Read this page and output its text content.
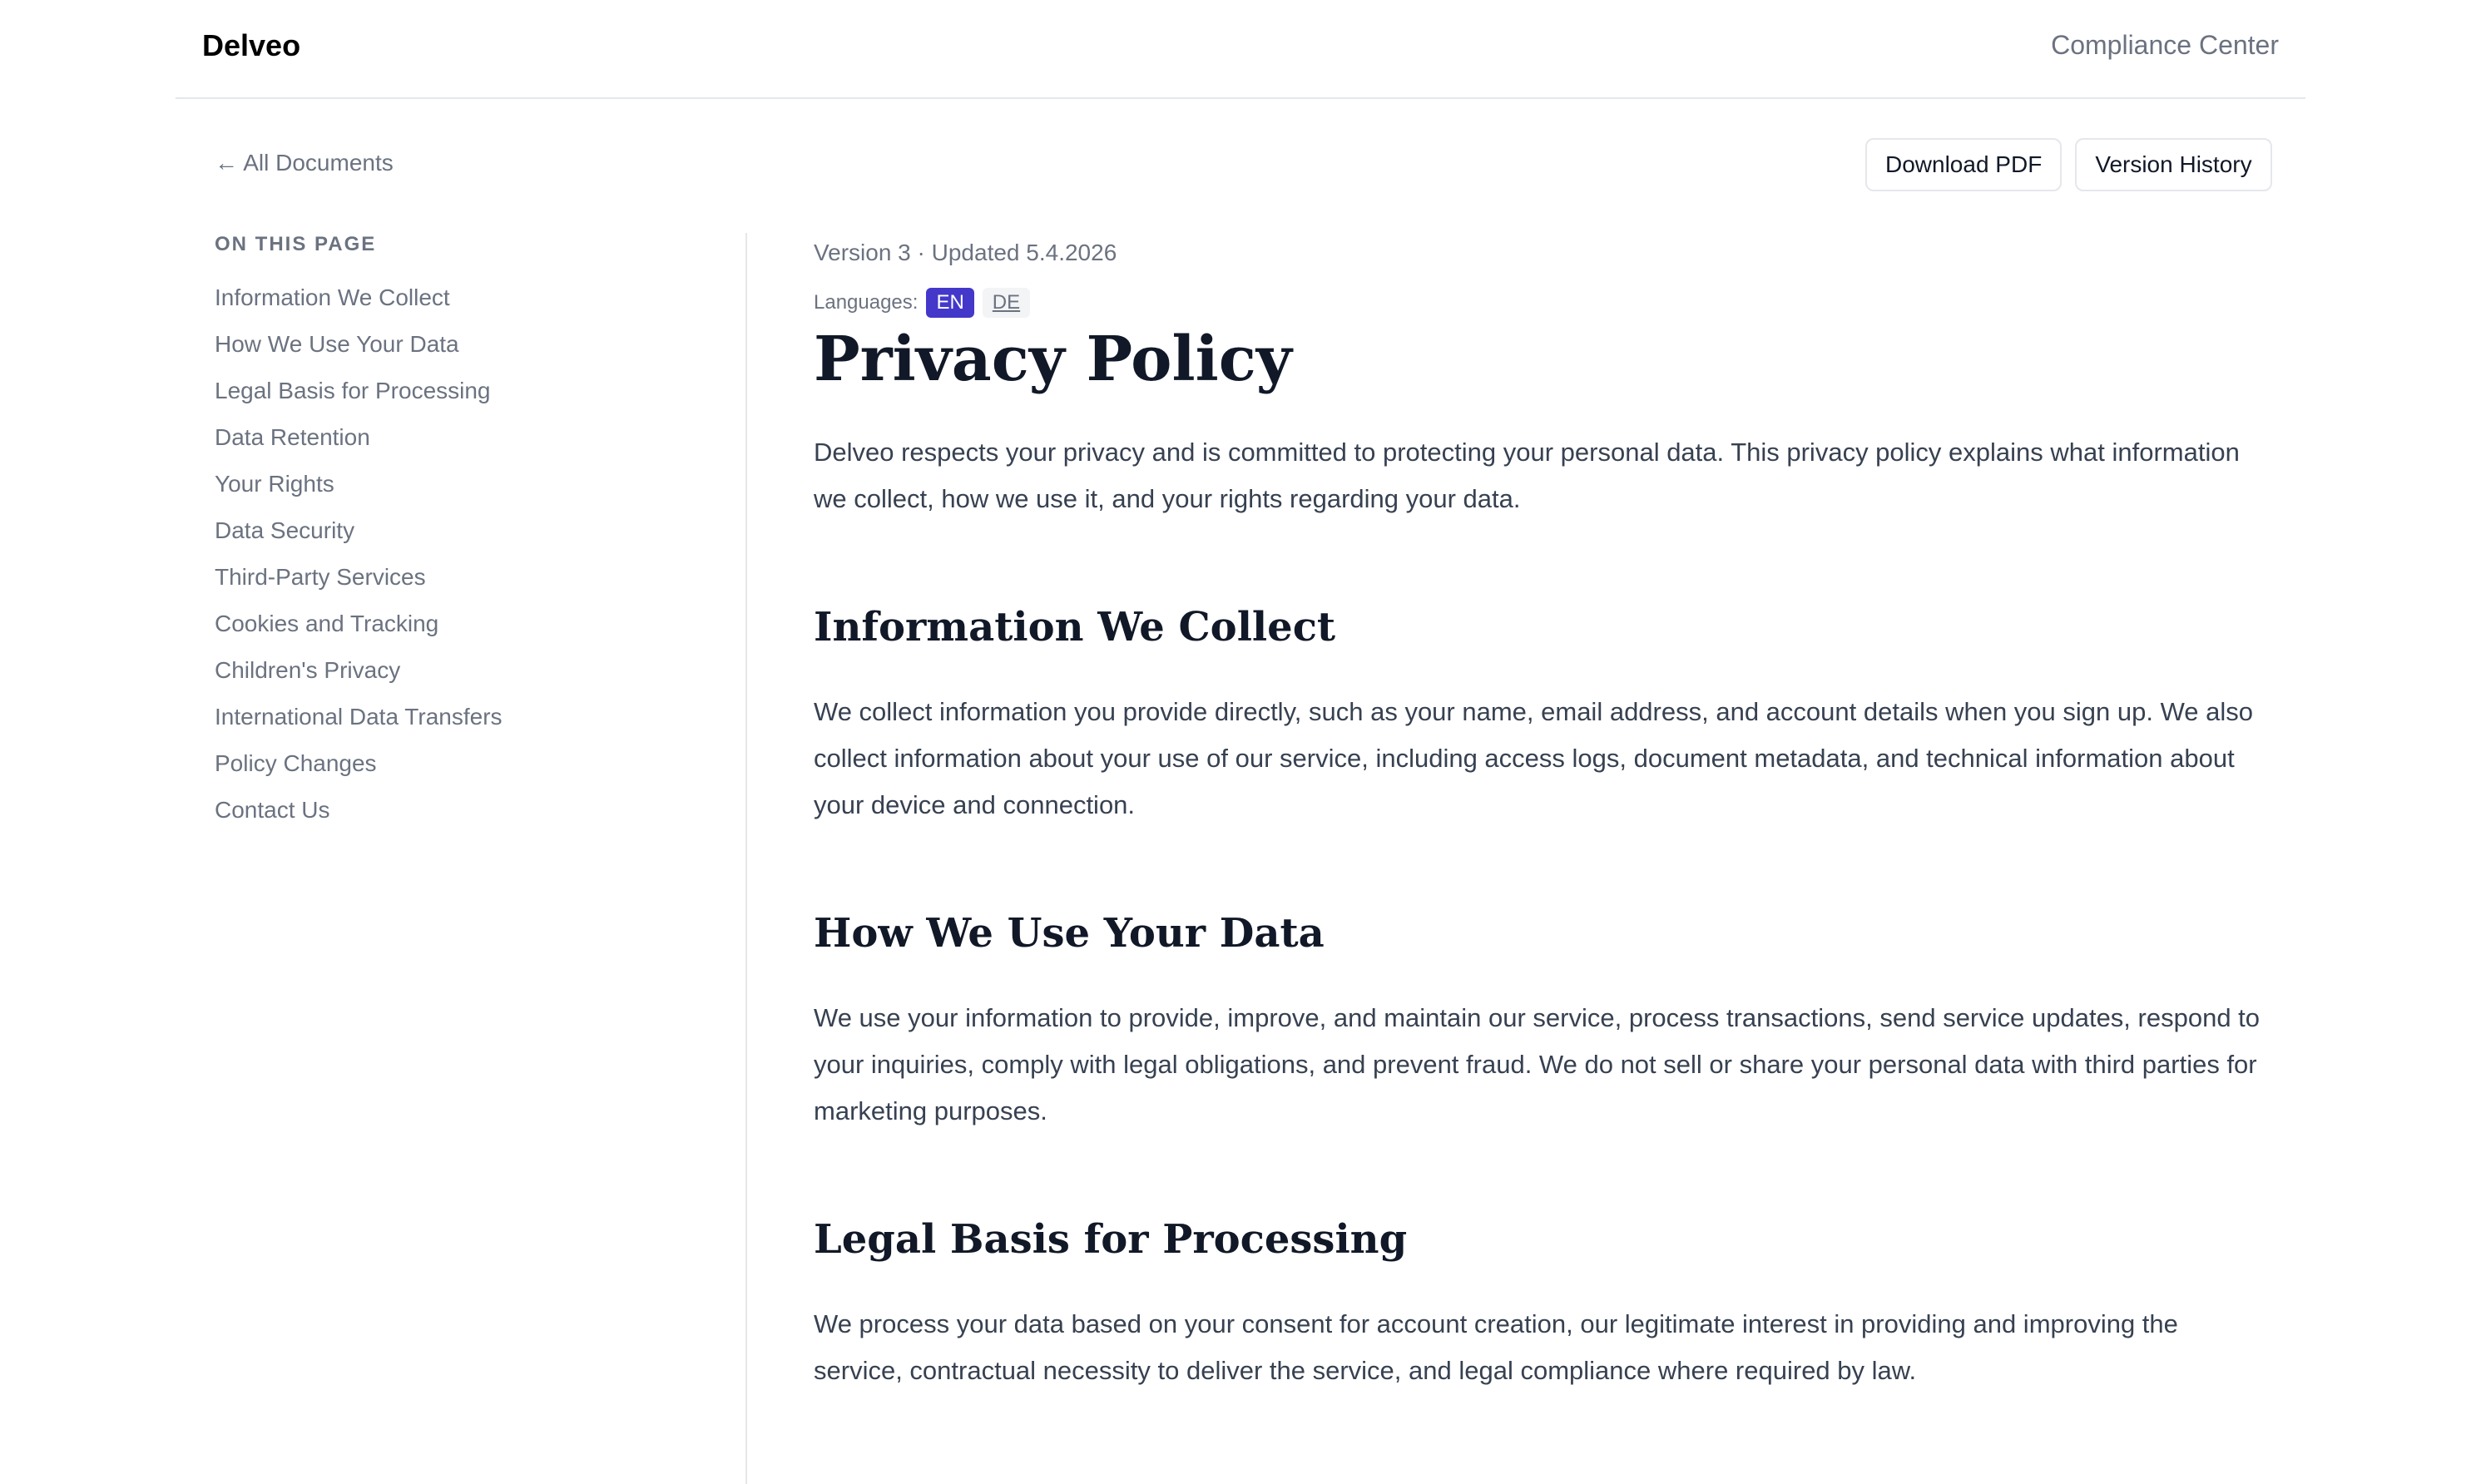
Delveo	Compliance Center
← All Documents	Download PDF	Version History
ON THIS PAGE
Information We Collect
How We Use Your Data
Legal Basis for Processing
Data Retention
Your Rights
Data Security
Third-Party Services
Cookies and Tracking
Children's Privacy
International Data Transfers
Policy Changes
Contact Us
Version 3 · Updated 5.4.2026
Languages: EN	DE
Privacy Policy

Delveo respects your privacy and is committed to protecting your personal data. This privacy policy explains what information we collect, how we use it, and your rights regarding your data.

Information We Collect

We collect information you provide directly, such as your name, email address, and account details when you sign up. We also collect information about your use of our service, including access logs, document metadata, and technical information about your device and connection.

How We Use Your Data

We use your information to provide, improve, and maintain our service, process transactions, send service updates, respond to your inquiries, comply with legal obligations, and prevent fraud. We do not sell or share your personal data with third parties for marketing purposes.

Legal Basis for Processing

We process your data based on your consent for account creation, our legitimate interest in providing and improving the service, contractual necessity to deliver the service, and legal compliance where required by law.
